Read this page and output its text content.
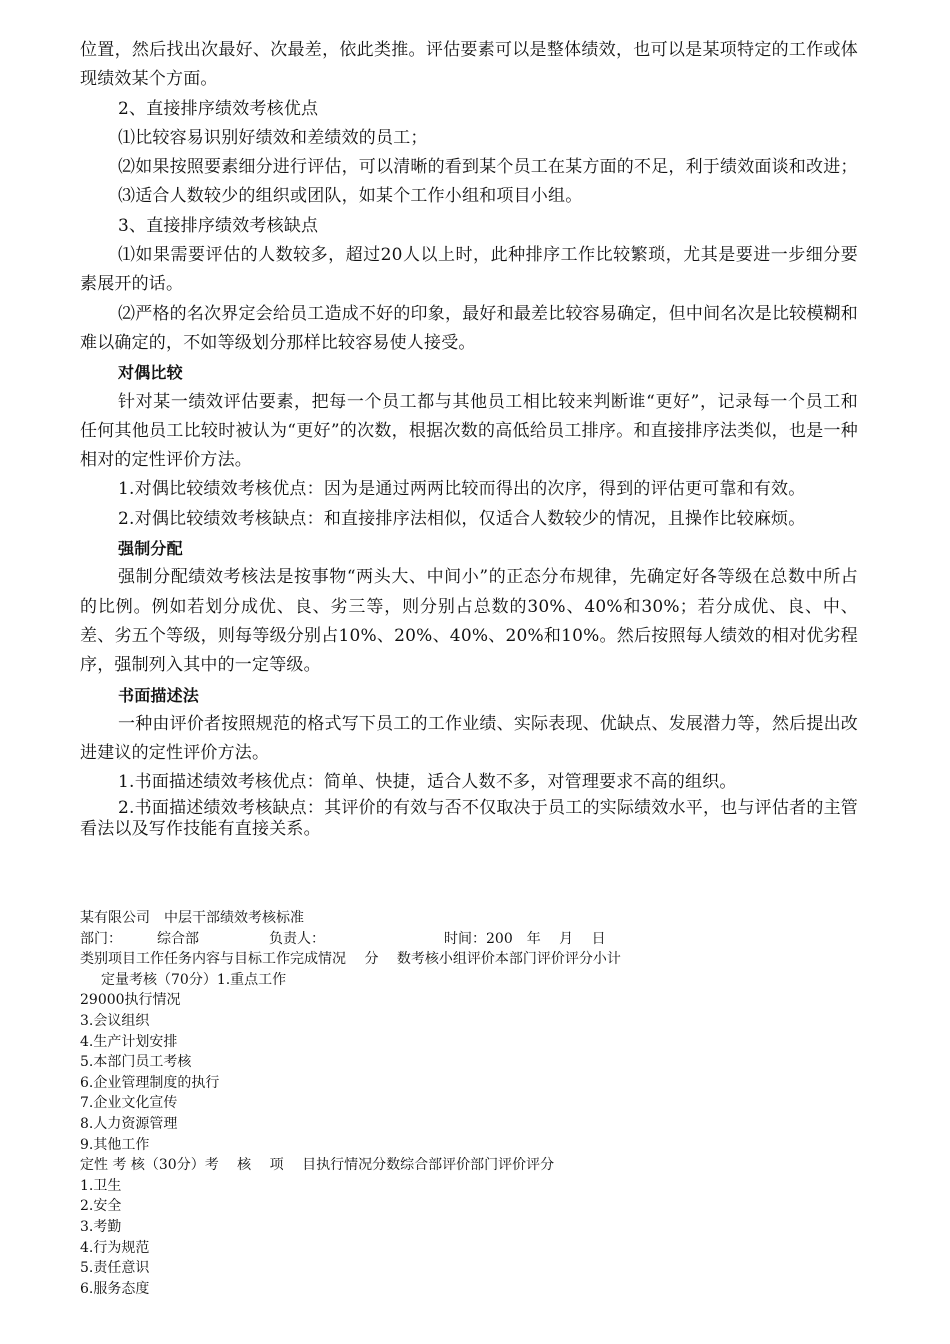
位置，然后找出次最好、次最差，依此类推。评估要素可以是整体绩效，也可以是某项特定的工作或体现绩效某个方面。

2、直接排序绩效考核优点

⑴比较容易识别好绩效和差绩效的员工；

⑵如果按照要素细分进行评估，可以清晰的看到某个员工在某方面的不足，利于绩效面谈和改进；

⑶适合人数较少的组织或团队，如某个工作小组和项目小组。

3、直接排序绩效考核缺点

⑴如果需要评估的人数较多，超过20人以上时，此种排序工作比较繁琐，尤其是要进一步细分要素展开的话。

⑵严格的名次界定会给员工造成不好的印象，最好和最差比较容易确定，但中间名次是比较模糊和难以确定的，不如等级划分那样比较容易使人接受。

对偶比较

针对某一绩效评估要素，把每一个员工都与其他员工相比较来判断谁“更好”，记录每一个员工和任何其他员工比较时被认为“更好”的次数，根据次数的高低给员工排序。和直接排序法类似，也是一种相对的定性评价方法。

1.对偶比较绩效考核优点：因为是通过两两比较而得出的次序，得到的评估更可靠和有效。

2.对偶比较绩效考核缺点：和直接排序法相似，仅适合人数较少的情况，且操作比较麻烦。

强制分配

强制分配绩效考核法是按事物“两头大、中间小”的正态分布规律，先确定好各等级在总数中所占的比例。例如若划分成优、良、劣三等，则分别占总数的30%、40%和30%；若分成优、良、中、差、劣五个等级，则每等级分别占10%、20%、40%、20%和10%。然后按照每人绩效的相对优劣程序，强制列入其中的一定等级。

书面描述法

一种由评价者按照规范的格式写下员工的工作业绩、实际表现、优缺点、发展潜力等，然后提出改进建议的定性评价方法。

1.书面描述绩效考核优点：简单、快捷，适合人数不多，对管理要求不高的组织。

2.书面描述绩效考核缺点：其评价的有效与否不仅取决于员工的实际绩效水平，也与评估者的主管看法以及写作技能有直接关系。

某有限公司　中层干部绩效考核标准
部门：　　　综合部　　　　　负责人：　　　　　　　　　时间：200　年　 月　 日
类别项目工作任务内容与目标工作完成情况　 分　 数考核小组评价本部门评价评分小计
定量考核（70分）1.重点工作
29000执行情况
3.会议组织
4.生产计划安排
5.本部门员工考核
6.企业管理制度的执行
7.企业文化宣传
8.人力资源管理
9.其他工作
定性 考 核（30分）考　 核　 项　 目执行情况分数综合部评价部门评价评分
1.卫生
2.安全
3.考勤
4.行为规范
5.责任意识
6.服务态度
